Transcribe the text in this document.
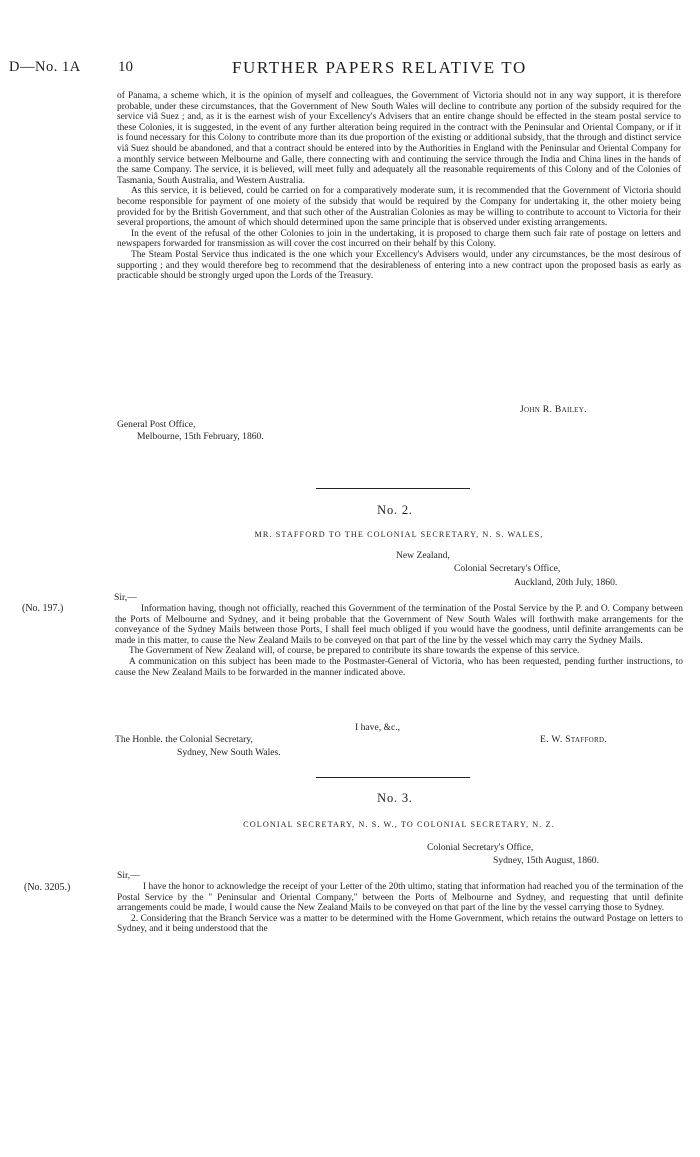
D—No. 1A 10	FURTHER PAPERS RELATIVE TO

of Panama, a scheme which, it is the opinion of myself and colleagues, the Government of Victoria should not in any way support, it is therefore probable, under these circumstances, that the Government of New South Wales will decline to contribute any portion of the subsidy required for the service viâ Suez ; and, as it is the earnest wish of your Excellency's Advisers that an entire change should be effected in the steam postal service to these Colonies, it is suggested, in the event of any further alteration being required in the contract with the Peninsular and Oriental Company, or if it is found necessary for this Colony to contribute more than its due proportion of the existing or additional subsidy, that the through and distinct service viâ Suez should be abandoned, and that a contract should be entered into by the Authorities in England with the Peninsular and Oriental Company for a monthly service between Melbourne and Galle, there connecting with and continuing the service through the India and China lines in the hands of the same Company. The service, it is believed, will meet fully and adequately all the reasonable requirements of this Colony and of the Colonies of Tasmania, South Australia, and Western Australia.

As this service, it is believed, could be carried on for a comparatively moderate sum, it is recommended that the Government of Victoria should become responsible for payment of one moiety of the subsidy that would be required by the Company for undertaking it, the other moiety being provided for by the British Government, and that such other of the Australian Colonies as may be willing to contribute to account to Victoria for their several proportions, the amount of which should determined upon the same principle that is observed under existing arrangements.

In the event of the refusal of the other Colonies to join in the undertaking, it is proposed to charge them such fair rate of postage on letters and newspapers forwarded for transmission as will cover the cost incurred on their behalf by this Colony.

The Steam Postal Service thus indicated is the one which your Excellency's Advisers would, under any circumstances, be the most desirous of supporting ; and they would therefore beg to recommend that the desirableness of entering into a new contract upon the proposed basis as early as practicable should be strongly urged upon the Lords of the Treasury.

John R. Bailey.
General Post Office,
Melbourne, 15th February, 1860.
No. 2.
MR. STAFFORD TO THE COLONIAL SECRETARY, N. S. WALES,
New Zealand,
Colonial Secretary's Office,
Auckland, 20th July, 1860.
Sir,—
(No. 197.)	Information having, though not officially, reached this Government of the termination of the Postal Service by the P. and O. Company between the Ports of Melbourne and Sydney, and it being probable that the Government of New South Wales will forthwith make arrangements for the conveyance of the Sydney Mails between those Ports, I shall feel much obliged if you would have the goodness, until definite arrangements can be made in this matter, to cause the New Zealand Mails to be conveyed on that part of the line by the vessel which may carry the Sydney Mails.

The Government of New Zealand will, of course, be prepared to contribute its share towards the expense of this service.

A communication on this subject has been made to the Postmaster-General of Victoria, who has been requested, pending further instructions, to cause the New Zealand Mails to be forwarded in the manner indicated above.

I have, &c.,
The Honble. the Colonial Secretary,	E. W. Stafford.
Sydney, New South Wales.
No. 3.
COLONIAL SECRETARY, N. S. W., TO COLONIAL SECRETARY, N. Z.
Colonial Secretary's Office,
Sydney, 15th August, 1860.
Sir,—
(No. 3205.)	I have the honor to acknowledge the receipt of your Letter of the 20th ultimo, stating that information had reached you of the termination of the Postal Service by the " Peninsular and Oriental Company," between the Ports of Melbourne and Sydney, and requesting that until definite arrangements could be made, I would cause the New Zealand Mails to be conveyed on that part of the line by the vessel carrying those to Sydney.

2. Considering that the Branch Service was a matter to be determined with the Home Government, which retains the outward Postage on letters to Sydney, and it being understood that the
